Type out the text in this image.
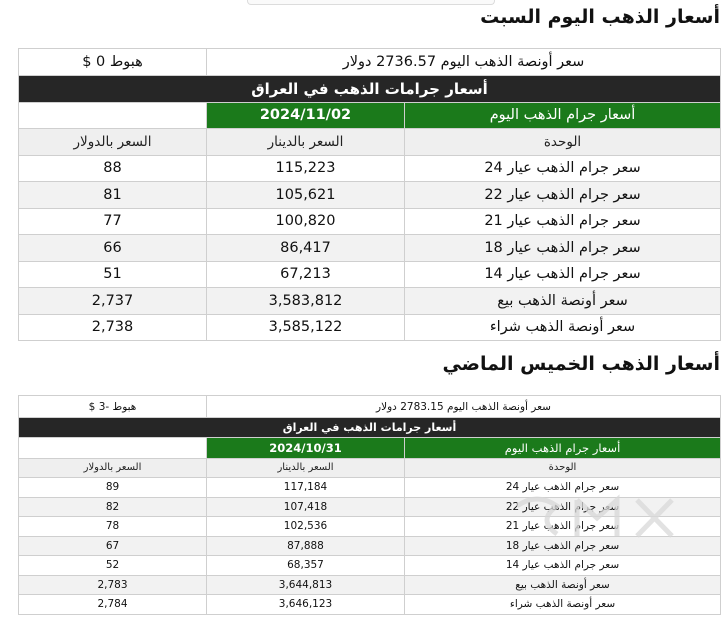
أسعار الذهب اليوم السبت
سعر أونصة الذهب اليوم 2736.57 دولار		هبوط 0 $
أسعار جرامات الذهب في العراق		
أسعار جرام الذهب اليوم	2024/11/02	
الوحدة	السعر بالدينار	السعر بالدولار
سعر جرام الذهب عيار 24	115,223	88
سعر جرام الذهب عيار 22	105,621	81
سعر جرام الذهب عيار 21	100,820	77
سعر جرام الذهب عيار 18	86,417	66
سعر جرام الذهب عيار 14	67,213	51
سعر أونصة الذهب بيع	3,583,812	2,737
سعر أونصة الذهب شراء	3,585,122	2,738
أسعار الذهب الخميس الماضي
سعر أونصة الذهب اليوم 2783.15 دولار		هبوط -3 $
أسعار جرامات الذهب في العراق		
أسعار جرام الذهب اليوم	2024/10/31	
الوحدة	السعر بالدينار	السعر بالدولار
سعر جرام الذهب عيار 24	117,184	89
سعر جرام الذهب عيار 22	107,418	82
سعر جرام الذهب عيار 21	102,536	78
سعر جرام الذهب عيار 18	87,888	67
سعر جرام الذهب عيار 14	68,357	52
سعر أونصة الذهب بيع	3,644,813	2,783
سعر أونصة الذهب شراء	3,646,123	2,784
